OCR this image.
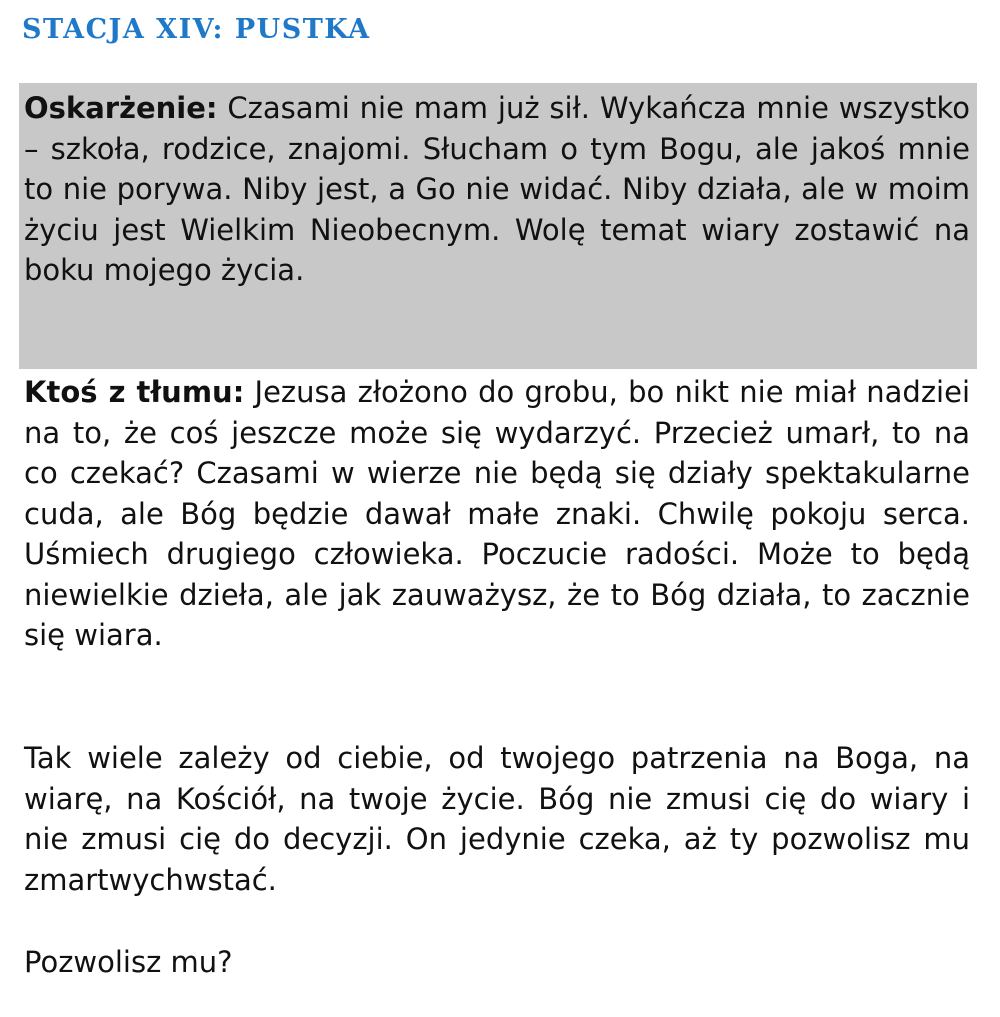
STACJA XIV: PUSTKA

Oskarżenie: Czasami nie mam już sił. Wykańcza mnie wszystko – szkoła, rodzice, znajomi. Słucham o tym Bogu, ale jakoś mnie to nie porywa. Niby jest, a Go nie widać. Niby działa, ale w moim życiu jest Wielkim Nieobecnym. Wolę temat wiary zostawić na boku mojego życia.

Ktoś z tłumu: Jezusa złożono do grobu, bo nikt nie miał nadziei na to, że coś jeszcze może się wydarzyć. Przecież umarł, to na co czekać? Czasami w wierze nie będą się działy spektakularne cuda, ale Bóg będzie dawał małe znaki. Chwilę pokoju serca. Uśmiech drugiego człowieka. Poczucie radości. Może to będą niewielkie dzieła, ale jak zauważysz, że to Bóg działa, to zacznie się wiara.

Tak wiele zależy od ciebie, od twojego patrzenia na Boga, na wiarę, na Kościół, na twoje życie. Bóg nie zmusi cię do wiary i nie zmusi cię do decyzji. On jedynie czeka, aż ty pozwolisz mu zmartwychwstać.

Pozwolisz mu?
